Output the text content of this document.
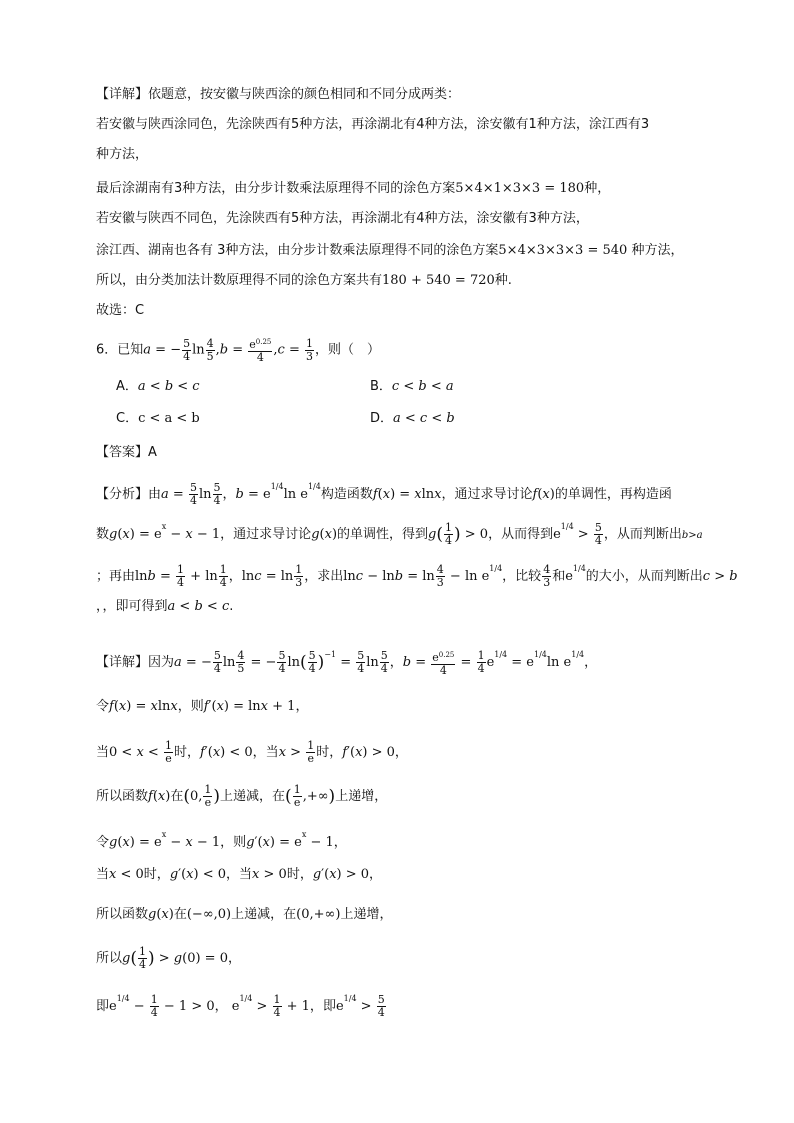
【详解】依题意，按安徽与陕西涂的颜色相同和不同分成两类：
若安徽与陕西涂同色，先涂陕西有5种方法，再涂湖北有4种方法，涂安徽有1种方法，涂江西有3
种方法，
最后涂湖南有3种方法，由分步计数乘法原理得不同的涂色方案5×4×1×3×3 = 180种，
若安徽与陕西不同色，先涂陕西有5种方法，再涂湖北有4种方法，涂安徽有3种方法，
涂江西、湖南也各有 3种方法，由分步计数乘法原理得不同的涂色方案5×4×3×3×3 = 540 种方法，
所以，由分类加法计数原理得不同的涂色方案共有180 + 540 = 720种.
故选：C
6．已知a = − $\frac{5}{4}$ $\ln \frac{4}{5} ,b = \frac{e^{0.25}}{4} ,c = \frac{1}{3}$ ，则（　）
A．a < b < c	B．c < b < a
C．c < a < b	D．a < c < b
【答案】A
【分析】由$a = \frac{5}{4}$ $\ln \frac{5}{4}$ ，$b = e^{1/4}\ln$ $e^{1/4}$构造函数f(x) = xlnx，通过求导讨论f(x)的单调性，再构造函
数$g(x) = e^x - x - 1$，通过求导讨论g(x)的单调性，得到$g( \frac{1}{4}$ ) > 0，从而得到$e^{1/4} > \frac{5}{4}$ ，从而判断出b>a
；再由$\ln b = \frac{1}{4} + \ln \frac{1}{4}$ ，$\ln c = \ln \frac{1}{3}$ ，求出$\ln c - \ln b = \ln \frac{4}{3} - \ln e^{1/4}$，比较 $\frac{4}{3}$ 和$e^{1/4}$的大小，从而判断出c > b
，，即可得到a < b < c.
【详解】因为a = − $\frac{5}{4}$ $\ln \frac{4}{5}$ = − $\frac{5}{4} \ln( \frac{5}{4} )^{-1} = \frac{5}{4}$ $\ln \frac{5}{4}$ ，$b = \frac{e^{0.25}}{4} = \frac{1}{4} e^{1/4} = e^{1/4}\ln$ $e^{1/4}$，
令f(x) = xlnx，则f′(x) = lnx + 1，
当$0 < x < \frac{1}{e}$ 时，f′(x) < 0，当$x > \frac{1}{e}$ 时，f′(x) > 0，
所以函数f(x)在(0, $\frac{1}{e}$ )上递减，在( $\frac{1}{e}$ ,+∞)上递增，
令$g(x) = e^x - x - 1$，则$g'(x) = e^x - 1$，
当x < 0时，g′(x) < 0，当x > 0时，g′(x) > 0，
所以函数g(x)在(−∞,0)上递减，在(0,+∞)上递增，
所以$g( \frac{1}{4}$ ) > g(0) = 0，
即$e^{1/4} - \frac{1}{4} - 1 > 0$， $e^{1/4} > \frac{1}{4} + 1$，即$e^{1/4} > \frac{5}{4}$
